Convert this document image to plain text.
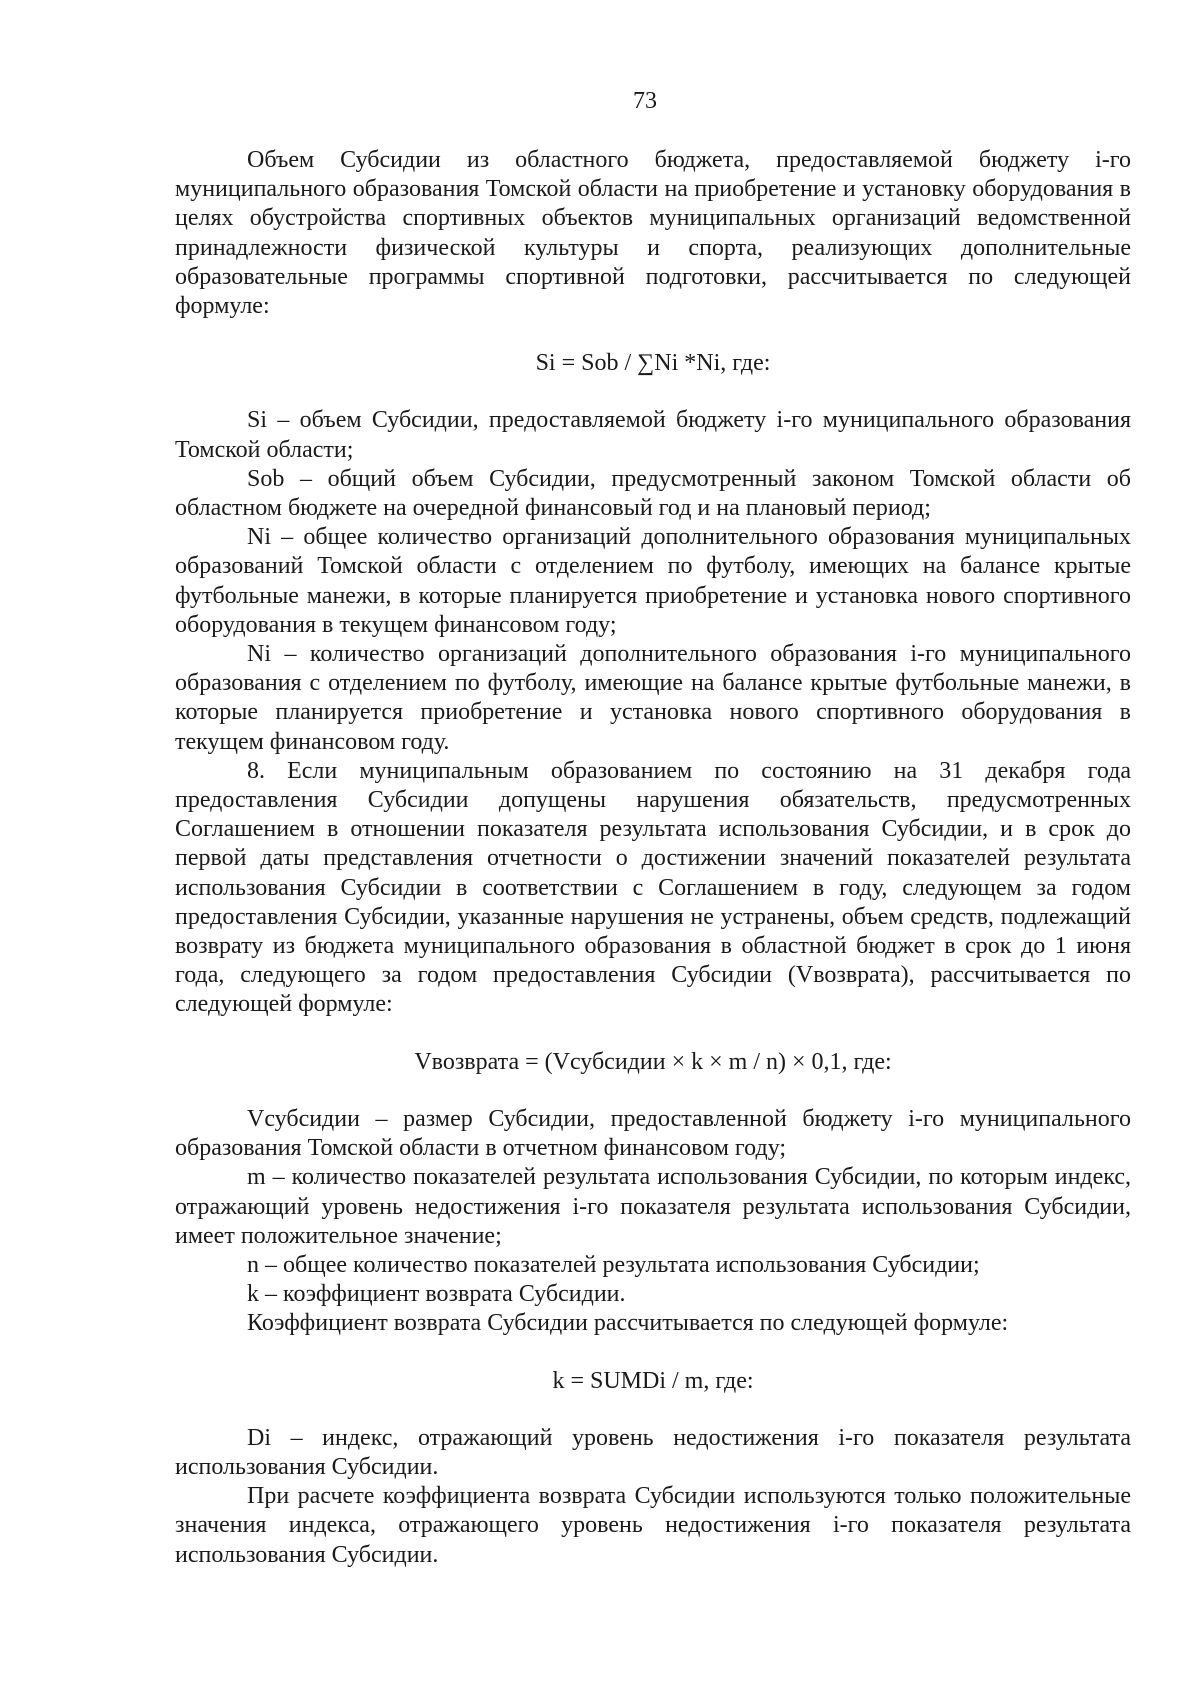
73

Объем Субсидии из областного бюджета, предоставляемой бюджету i-го муниципального образования Томской области на приобретение и установку оборудования в целях обустройства спортивных объектов муниципальных организаций ведомственной принадлежности физической культуры и спорта, реализующих дополнительные образовательные программы спортивной подготовки, рассчитывается по следующей формуле:

Si = Sob / ∑Ni *Ni, где:

Si – объем Субсидии, предоставляемой бюджету i-го муниципального образования Томской области;

Sob – общий объем Субсидии, предусмотренный законом Томской области об областном бюджете на очередной финансовый год и на плановый период;

Ni – общее количество организаций дополнительного образования муниципальных образований Томской области с отделением по футболу, имеющих на балансе крытые футбольные манежи, в которые планируется приобретение и установка нового спортивного оборудования в текущем финансовом году;

Ni – количество организаций дополнительного образования i-го муниципального образования с отделением по футболу, имеющие на балансе крытые футбольные манежи, в которые планируется приобретение и установка нового спортивного оборудования в текущем финансовом году.

8. Если муниципальным образованием по состоянию на 31 декабря года предоставления Субсидии допущены нарушения обязательств, предусмотренных Соглашением в отношении показателя результата использования Субсидии, и в срок до первой даты представления отчетности о достижении значений показателей результата использования Субсидии в соответствии с Соглашением в году, следующем за годом предоставления Субсидии, указанные нарушения не устранены, объем средств, подлежащий возврату из бюджета муниципального образования в областной бюджет в срок до 1 июня года, следующего за годом предоставления Субсидии (Vвозврата), рассчитывается по следующей формуле:

Vвозврата = (Vсубсидии × k × m / n) × 0,1, где:

Vсубсидии – размер Субсидии, предоставленной бюджету i-го муниципального образования Томской области в отчетном финансовом году;

m – количество показателей результата использования Субсидии, по которым индекс, отражающий уровень недостижения i-го показателя результата использования Субсидии, имеет положительное значение;

n – общее количество показателей результата использования Субсидии;

k – коэффициент возврата Субсидии.

Коэффициент возврата Субсидии рассчитывается по следующей формуле:

k = SUMDi / m, где:

Di – индекс, отражающий уровень недостижения i-го показателя результата использования Субсидии.

При расчете коэффициента возврата Субсидии используются только положительные значения индекса, отражающего уровень недостижения i-го показателя результата использования Субсидии.
